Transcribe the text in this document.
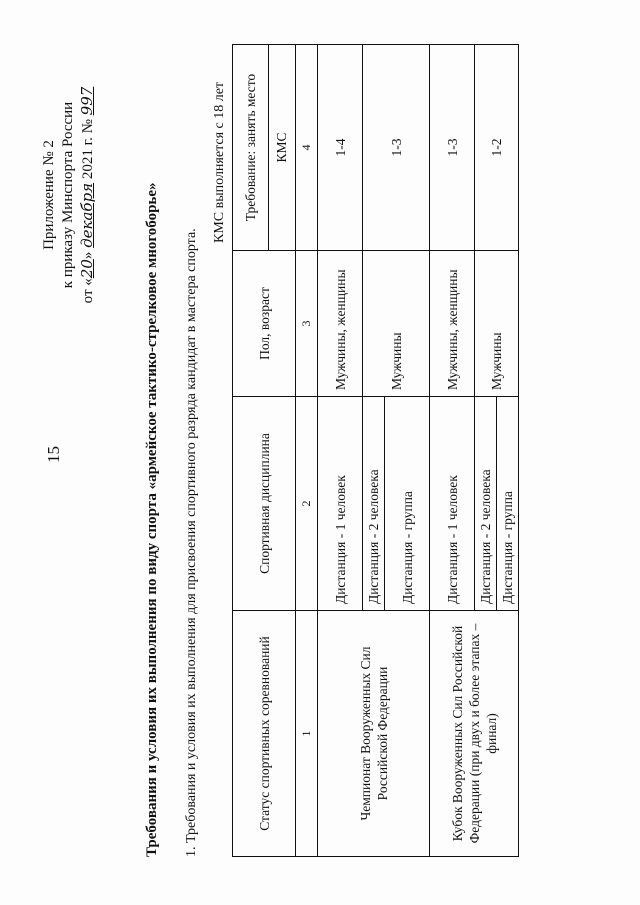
15
Приложение № 2 к приказу Минспорта России
от «20» декабря 2021 г. № 997
Требования и условия их выполнения по виду спорта «армейское тактико-стрелковое многоборье» 1. Требования и условия их выполнения для присвоения спортивного разряда кандидат в мастера спорта.
КМС выполняется с 18 лет
Статус спортивных соревнований	Спортивная дисциплина	Пол, возраст	Требование: занять место
			КМС
1	2	3	4
Чемпионат Вооруженных Сил Российской Федерации	Дистанция - 1 человек	Мужчины, женщины	1-4
	Дистанция - 2 человека	Мужчины	1-3
	Дистанция - группа		
Кубок Вооруженных Сил Российской Федерации (при двух и более этапах – финал)	Дистанция - 1 человек	Мужчины, женщины	1-3
	Дистанция - 2 человека	Мужчины	1-2
	Дистанция - группа		
